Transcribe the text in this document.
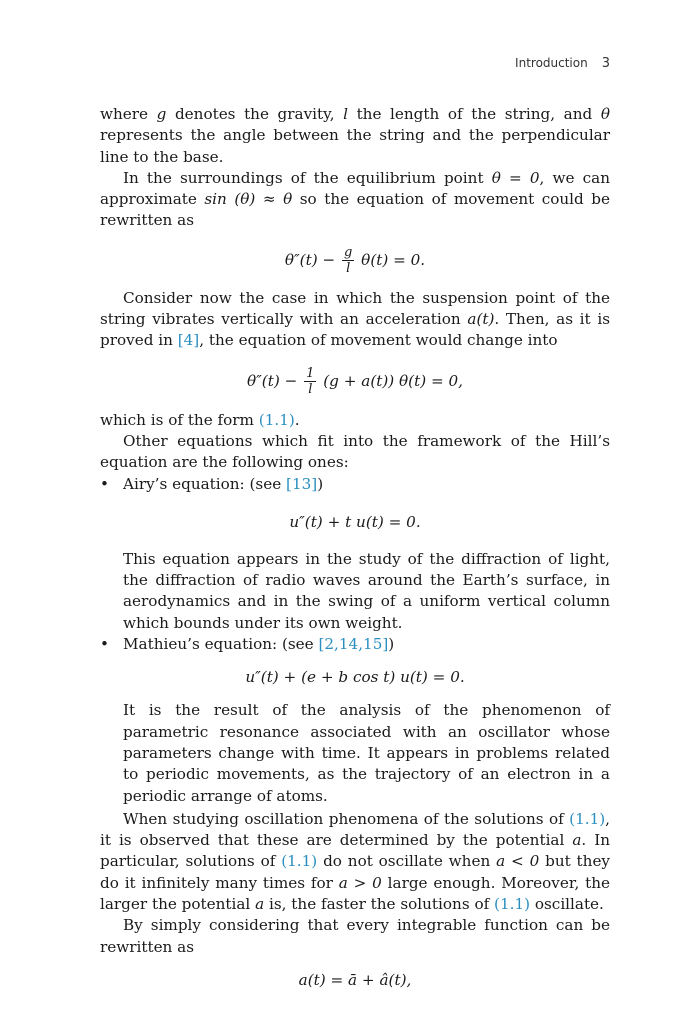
Introduction 3

where g denotes the gravity, l the length of the string, and θ represents the angle between the string and the perpendicular line to the base.

In the surroundings of the equilibrium point θ = 0, we can approximate sin (θ) ≈ θ so the equation of movement could be rewritten as

$\theta''(t) - \frac{g}{l} \theta(t) = 0$.

Consider now the case in which the suspension point of the string vibrates vertically with an acceleration a(t). Then, as it is proved in [4], the equation of movement would change into

$\theta''(t) - \frac{1}{l} (g + a(t)) \theta(t) = 0$,

which is of the form (1.1).

Other equations which fit into the framework of the Hill’s equation are the following ones:

• Airy’s equation: (see [13])
u″(t) + t u(t) = 0.

This equation appears in the study of the diffraction of light, the diffraction of radio waves around the Earth’s surface, in aerodynamics and in the swing of a uniform vertical column which bounds under its own weight.

• Mathieu’s equation: (see [2,14,15])
u″(t) + (e + b cos t) u(t) = 0.

It is the result of the analysis of the phenomenon of parametric resonance associated with an oscillator whose parameters change with time. It appears in problems related to periodic movements, as the trajectory of an electron in a periodic arrange of atoms.

When studying oscillation phenomena of the solutions of (1.1), it is observed that these are determined by the potential a. In particular, solutions of (1.1) do not oscillate when a < 0 but they do it infinitely many times for a > 0 large enough. Moreover, the larger the potential a is, the faster the solutions of (1.1) oscillate.

By simply considering that every integrable function can be rewritten as

a(t) = ā + â(t),
